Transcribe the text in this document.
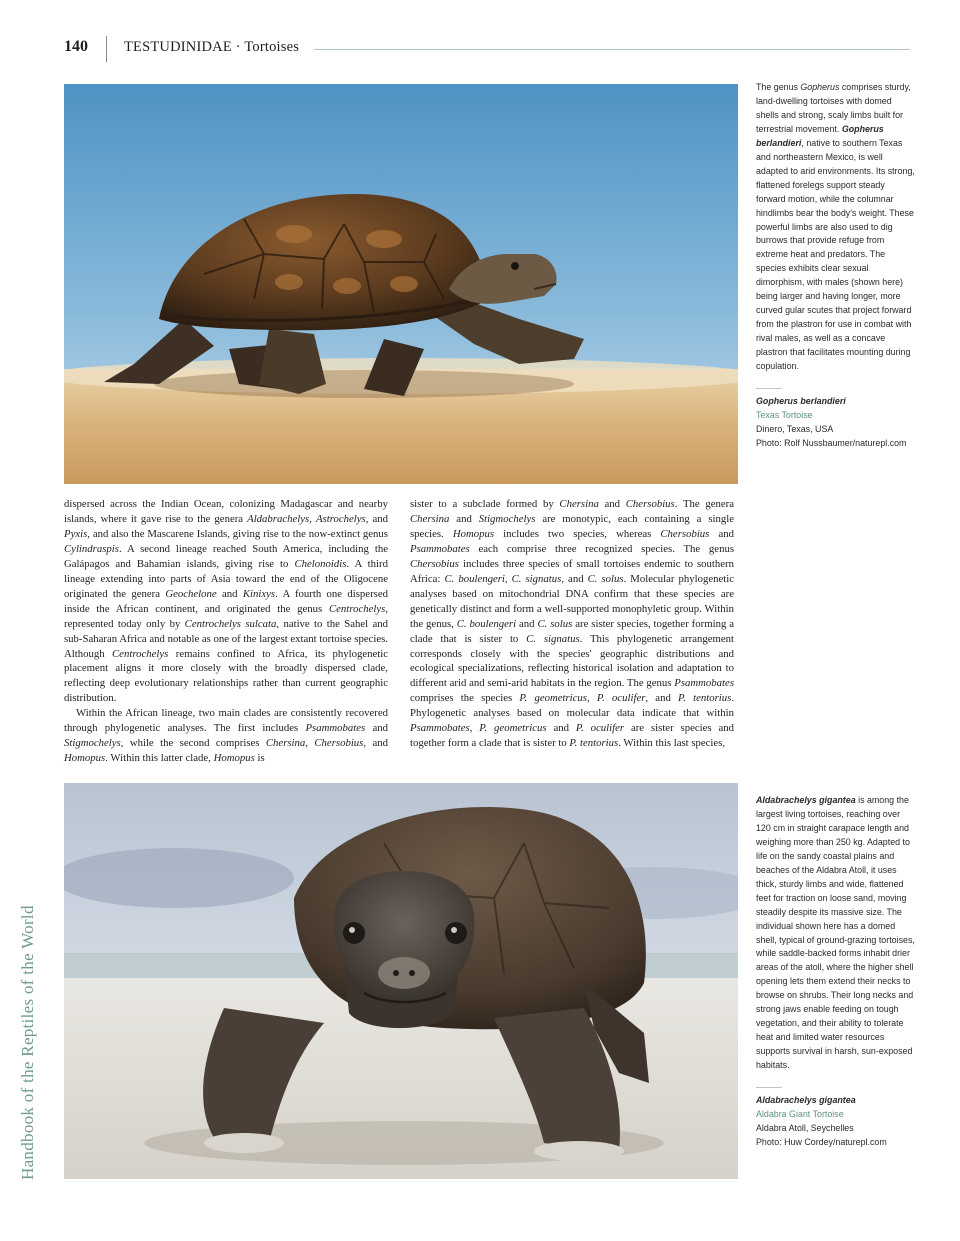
140 TESTUDINIDAE · Tortoises

The genus Gopherus comprises sturdy, land-dwelling tortoises with domed shells and strong, scaly limbs built for terrestrial movement. Gopherus berlandieri, native to southern Texas and northeastern Mexico, is well adapted to arid environments. Its strong, flattened forelegs support steady forward motion, while the columnar hindlimbs bear the body's weight. These powerful limbs are also used to dig burrows that provide refuge from extreme heat and predators. The species exhibits clear sexual dimorphism, with males (shown here) being larger and having longer, more curved gular scutes that project forward from the plastron for use in combat with rival males, as well as a concave plastron that facilitates mounting during copulation.

Gopherus berlandieri

Texas Tortoise

Dinero, Texas, USA

Photo: Rolf Nussbaumer/naturepl.com

dispersed across the Indian Ocean, colonizing Madagascar and nearby islands, where it gave rise to the genera Aldabrachelys, Astrochelys, and Pyxis, and also the Mascarene Islands, giving rise to the now-extinct genus Cylindraspis. A second lineage reached South America, including the Galápagos and Bahamian islands, giving rise to Chelonoidis. A third lineage extending into parts of Asia toward the end of the Oligocene originated the genera Geochelone and Kinixys. A fourth one dispersed inside the African continent, and originated the genus Centrochelys, represented today only by Centrochelys sulcata, native to the Sahel and sub-Saharan Africa and notable as one of the largest extant tortoise species. Although Centrochelys remains confined to Africa, its phylogenetic placement aligns it more closely with the broadly dispersed clade, reflecting deep evolutionary relationships rather than current geographic distribution.

Within the African lineage, two main clades are consistently recovered through phylogenetic analyses. The first includes Psammobates and Stigmochelys, while the second comprises Chersina, Chersobius, and Homopus. Within this latter clade, Homopus is

sister to a subclade formed by Chersina and Chersobius. The genera Chersina and Stigmochelys are monotypic, each containing a single species. Homopus includes two species, whereas Chersobius and Psammobates each comprise three recognized species. The genus Chersobius includes three species of small tortoises endemic to southern Africa: C. boulengeri, C. signatus, and C. solus. Molecular phylogenetic analyses based on mitochondrial DNA confirm that these species are genetically distinct and form a well-supported monophyletic group. Within the genus, C. boulengeri and C. solus are sister species, together forming a clade that is sister to C. signatus. This phylogenetic arrangement corresponds closely with the species' geographic distributions and ecological specializations, reflecting historical isolation and adaptation to different arid and semi-arid habitats in the region. The genus Psammobates comprises the species P. geometricus, P. oculifer, and P. tentorius. Phylogenetic analyses based on molecular data indicate that within Psammobates, P. geometricus and P. oculifer are sister species and together form a clade that is sister to P. tentorius. Within this last species,

Aldabrachelys gigantea is among the largest living tortoises, reaching over 120 cm in straight carapace length and weighing more than 250 kg. Adapted to life on the sandy coastal plains and beaches of the Aldabra Atoll, it uses thick, sturdy limbs and wide, flattened feet for traction on loose sand, moving steadily despite its massive size. The individual shown here has a domed shell, typical of ground-grazing tortoises, while saddle-backed forms inhabit drier areas of the atoll, where the higher shell opening lets them extend their necks to browse on shrubs. Their long necks and strong jaws enable feeding on tough vegetation, and their ability to tolerate heat and limited water resources supports survival in harsh, sun-exposed habitats.

Aldabrachelys gigantea

Aldabra Giant Tortoise

Aldabra Atoll, Seychelles

Photo: Huw Cordey/naturepl.com

Handbook of the Reptiles of the World
